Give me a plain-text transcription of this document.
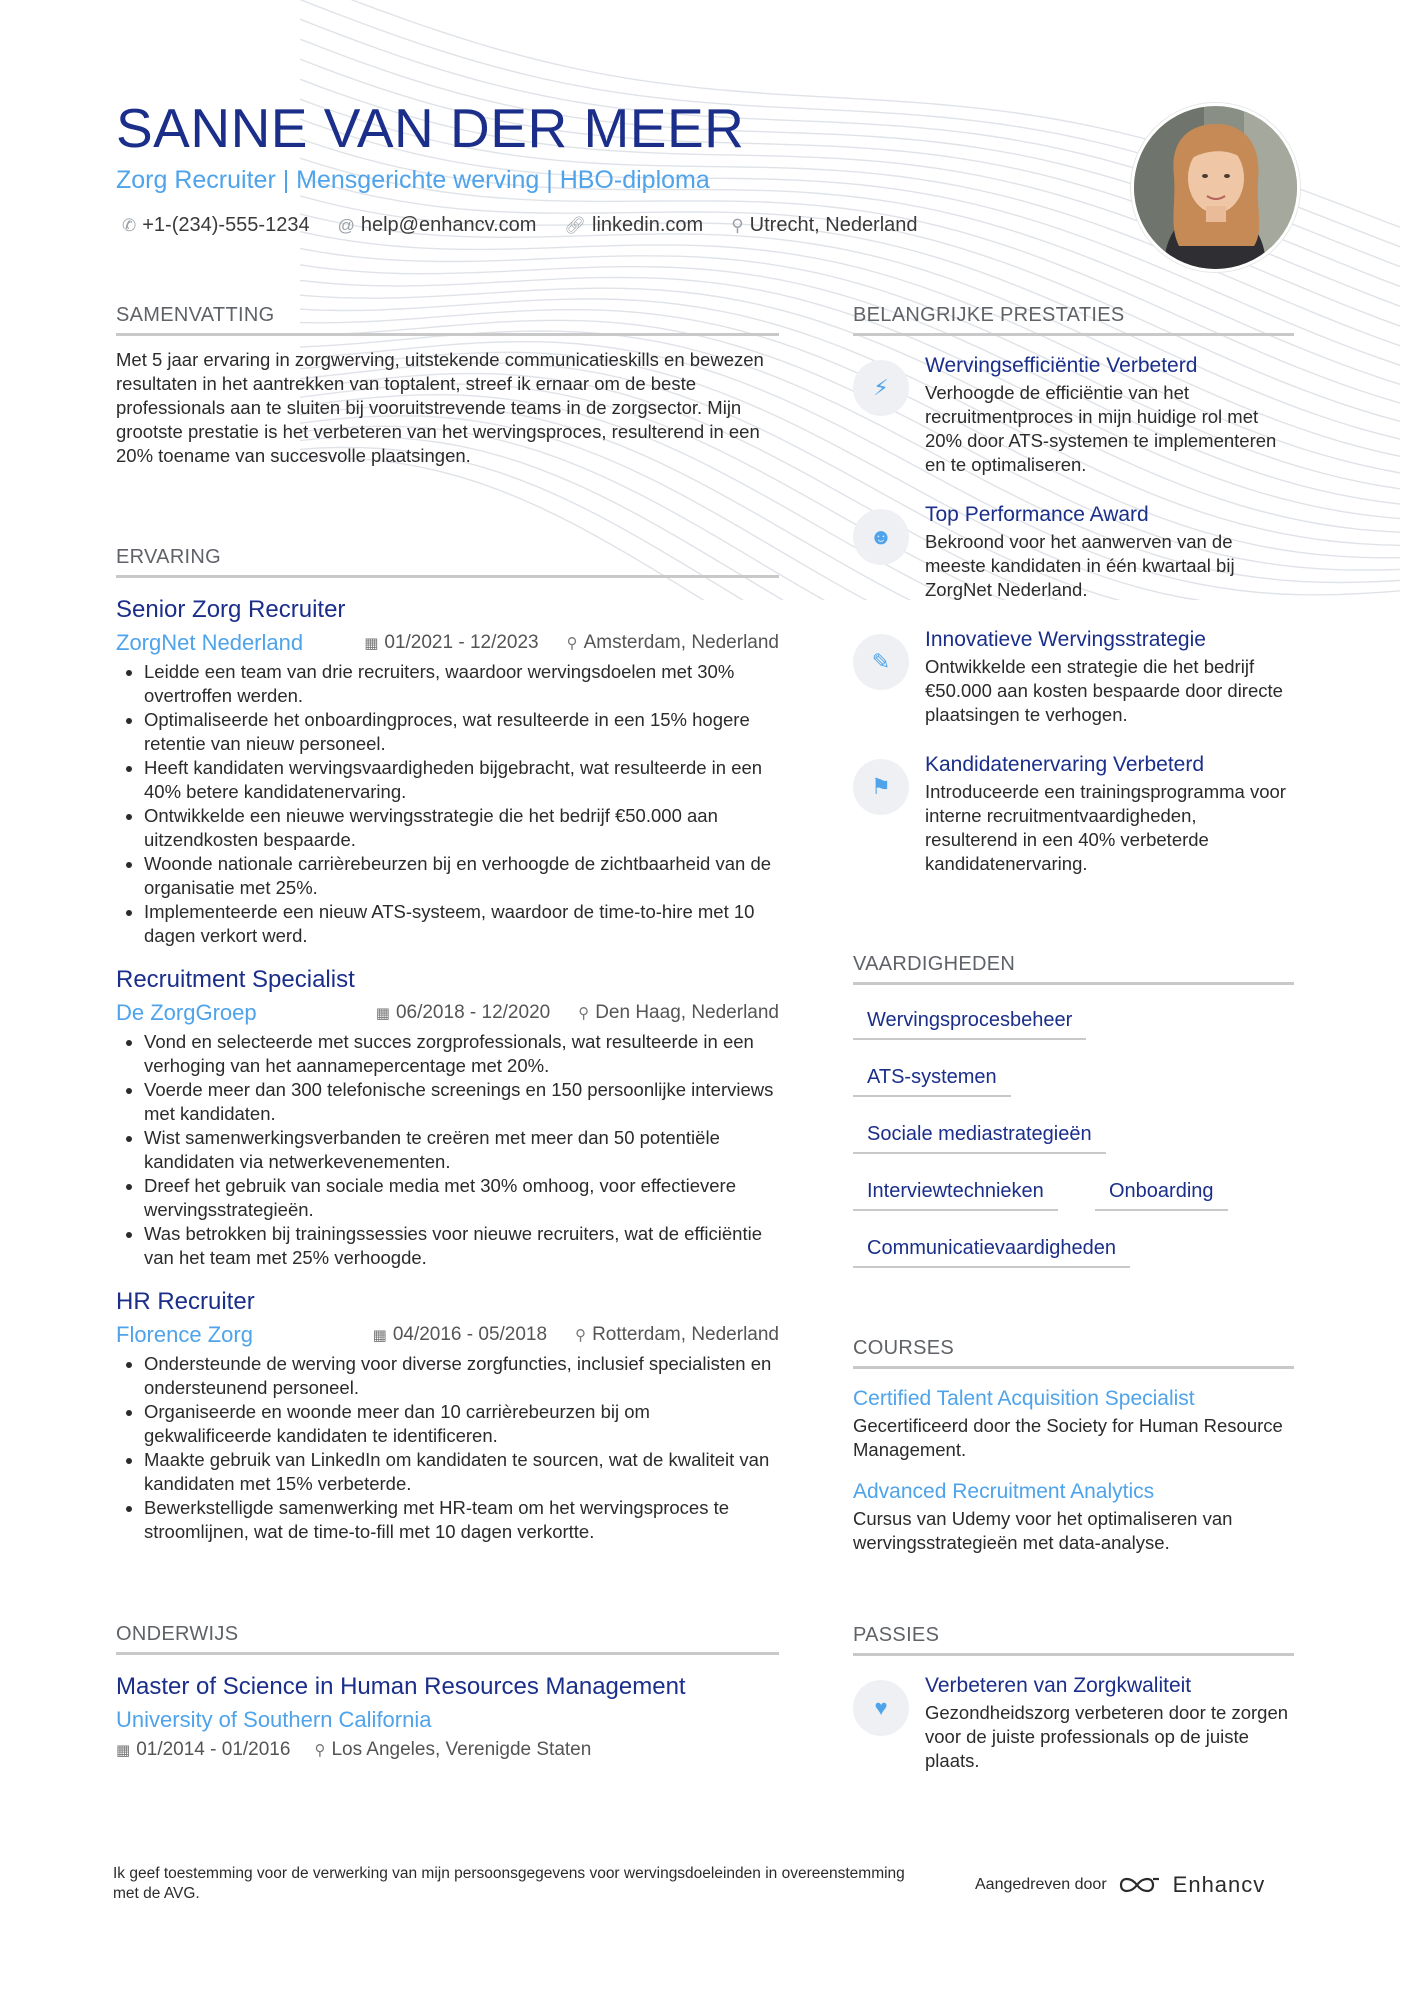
SANNE VAN DER MEER
Zorg Recruiter | Mensgerichte werving | HBO-diploma
✆ +1-(234)-555-1234 @ help@enhancv.com 🔗︎ linkedin.com ⚲ Utrecht, Nederland
SAMENVATTING
Met 5 jaar ervaring in zorgwerving, uitstekende communicatieskills en bewezen resultaten in het aantrekken van toptalent, streef ik ernaar om de beste professionals aan te sluiten bij vooruitstrevende teams in de zorgsector. Mijn grootste prestatie is het verbeteren van het wervingsproces, resulterend in een 20% toename van succesvolle plaatsingen.
ERVARING
Senior Zorg Recruiter
ZorgNet Nederland	▦ 01/2021 - 12/2023 ⚲ Amsterdam, Nederland
• Leidde een team van drie recruiters, waardoor wervingsdoelen met 30% overtroffen werden.
• Optimaliseerde het onboardingproces, wat resulteerde in een 15% hogere retentie van nieuw personeel.
• Heeft kandidaten wervingsvaardigheden bijgebracht, wat resulteerde in een 40% betere kandidatenervaring.
• Ontwikkelde een nieuwe wervingsstrategie die het bedrijf €50.000 aan uitzendkosten bespaarde.
• Woonde nationale carrièrebeurzen bij en verhoogde de zichtbaarheid van de organisatie met 25%.
• Implementeerde een nieuw ATS-systeem, waardoor de time-to-hire met 10 dagen verkort werd.
Recruitment Specialist
De ZorgGroep	▦ 06/2018 - 12/2020 ⚲ Den Haag, Nederland
• Vond en selecteerde met succes zorgprofessionals, wat resulteerde in een verhoging van het aannamepercentage met 20%.
• Voerde meer dan 300 telefonische screenings en 150 persoonlijke interviews met kandidaten.
• Wist samenwerkingsverbanden te creëren met meer dan 50 potentiële kandidaten via netwerkevenementen.
• Dreef het gebruik van sociale media met 30% omhoog, voor effectievere wervingsstrategieën.
• Was betrokken bij trainingssessies voor nieuwe recruiters, wat de efficiëntie van het team met 25% verhoogde.
HR Recruiter
Florence Zorg	▦ 04/2016 - 05/2018 ⚲ Rotterdam, Nederland
• Ondersteunde de werving voor diverse zorgfuncties, inclusief specialisten en ondersteunend personeel.
• Organiseerde en woonde meer dan 10 carrièrebeurzen bij om gekwalificeerde kandidaten te identificeren.
• Maakte gebruik van LinkedIn om kandidaten te sourcen, wat de kwaliteit van kandidaten met 15% verbeterde.
• Bewerkstelligde samenwerking met HR-team om het wervingsproces te stroomlijnen, wat de time-to-fill met 10 dagen verkortte.
ONDERWIJS
Master of Science in Human Resources Management
University of Southern California
▦ 01/2014 - 01/2016 ⚲ Los Angeles, Verenigde Staten
BELANGRIJKE PRESTATIES
⚡︎
Wervingsefficiëntie Verbeterd
Verhoogde de efficiëntie van het recruitmentproces in mijn huidige rol met 20% door ATS-systemen te implementeren en te optimaliseren.
☻
Top Performance Award
Bekroond voor het aanwerven van de meeste kandidaten in één kwartaal bij ZorgNet Nederland.
✎
Innovatieve Wervingsstrategie
Ontwikkelde een strategie die het bedrijf €50.000 aan kosten bespaarde door directe plaatsingen te verhogen.
⚑
Kandidatenervaring Verbeterd
Introduceerde een trainingsprogramma voor interne recruitmentvaardigheden, resulterend in een 40% verbeterde kandidatenervaring.
VAARDIGHEDEN
Wervingsprocesbeheer
ATS-systemen
Sociale mediastrategieën
Interviewtechnieken	Onboarding
Communicatievaardigheden
COURSES
Certified Talent Acquisition Specialist
Gecertificeerd door the Society for Human Resource Management.
Advanced Recruitment Analytics
Cursus van Udemy voor het optimaliseren van wervingsstrategieën met data-analyse.
PASSIES
♥
Verbeteren van Zorgkwaliteit
Gezondheidszorg verbeteren door te zorgen voor de juiste professionals op de juiste plaats.
Ik geef toestemming voor de verwerking van mijn persoonsgegevens voor wervingsdoeleinden in overeenstemming met de AVG.
Aangedreven door	Enhancv
